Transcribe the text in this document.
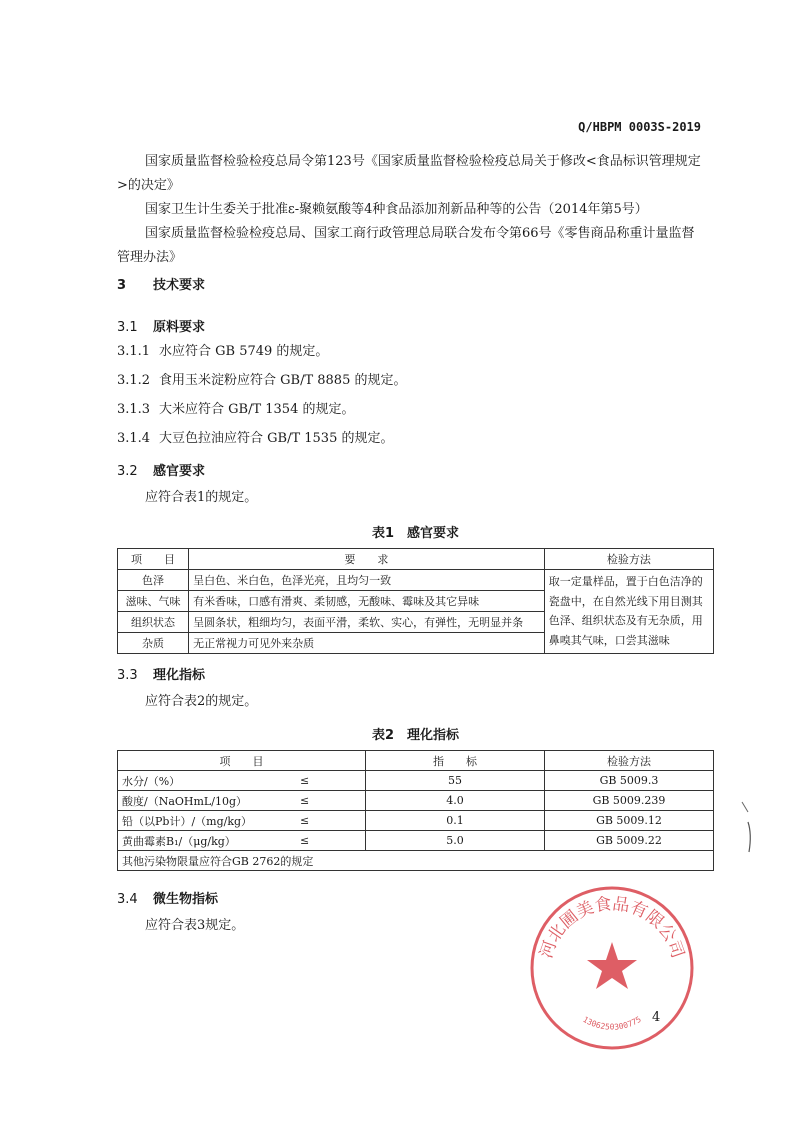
Q/HBPM 0003S-2019
国家质量监督检验检疫总局令第123号《国家质量监督检验检疫总局关于修改<食品标识管理规定>的决定》
国家卫生计生委关于批准ε-聚赖氨酸等4种食品添加剂新品种等的公告（2014年第5号）
国家质量监督检验检疫总局、国家工商行政管理总局联合发布令第66号《零售商品称重计量监督管理办法》
3 技术要求
3.1 原料要求
3.1.1 水应符合 GB 5749 的规定。
3.1.2 食用玉米淀粉应符合 GB/T 8885 的规定。
3.1.3 大米应符合 GB/T 1354 的规定。
3.1.4 大豆色拉油应符合 GB/T 1535 的规定。
3.2 感官要求
应符合表1的规定。
表1　感官要求
项　　目	要　　求	检验方法
色泽	呈白色、米白色，色泽光亮，且均匀一致	取一定量样品，置于白色洁净的瓷盘中，在自然光线下用目测其色泽、组织状态及有无杂质，用鼻嗅其气味，口尝其滋味
滋味、气味	有米香味，口感有滑爽、柔韧感，无酸味、霉味及其它异味	
组织状态	呈圆条状，粗细均匀，表面平滑，柔软、实心，有弹性，无明显并条	
杂质	无正常视力可见外来杂质	
3.3 理化指标
应符合表2的规定。
表2　理化指标
项　　目		指　　标	检验方法
水分/（%）	≤	55	GB 5009.3
酸度/（NaOHmL/10g）	≤	4.0	GB 5009.239
铅（以Pb计）/（mg/kg）	≤	0.1	GB 5009.12
黄曲霉素B₁/（μg/kg）	≤	5.0	GB 5009.22
其他污染物限量应符合GB 2762的规定			
3.4 微生物指标
应符合表3规定。
河北圃美食品有限公司
1306250300775 4
